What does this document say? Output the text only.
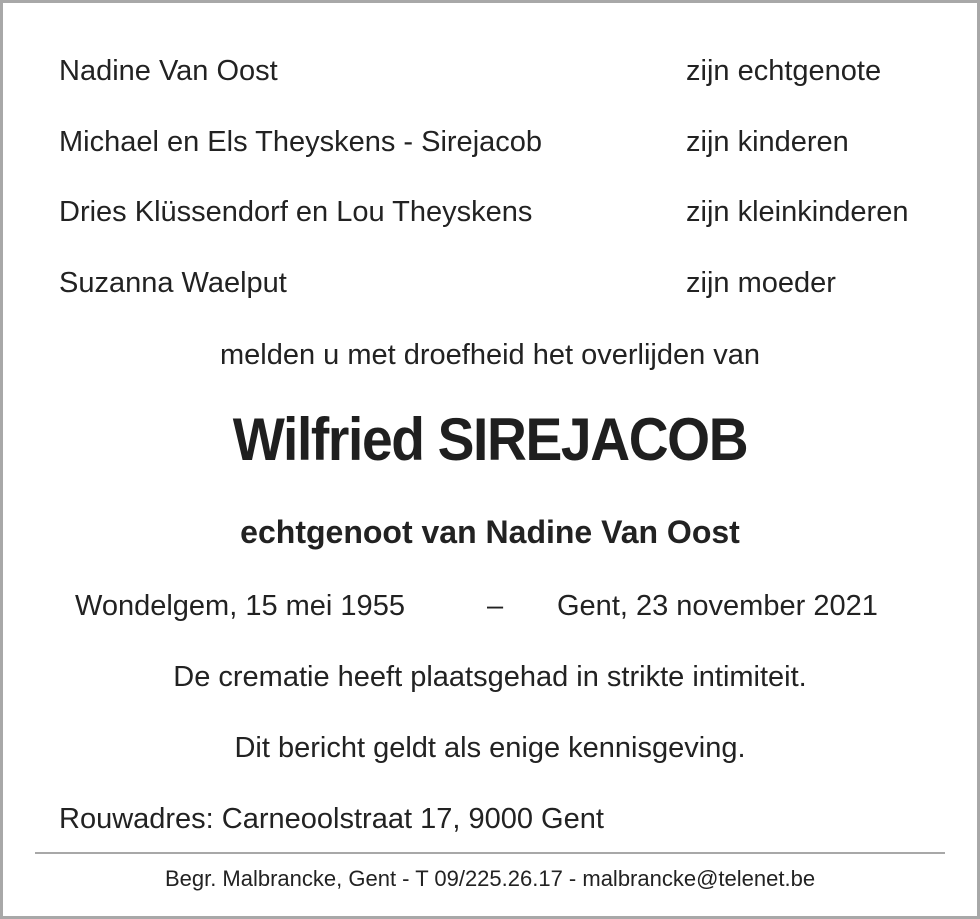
Nadine Van Oost	zijn echtgenote
Michael en Els Theyskens - Sirejacob	zijn kinderen
Dries Klüssendorf en Lou Theyskens	zijn kleinkinderen
Suzanna Waelput	zijn moeder
melden u met droefheid het overlijden van
Wilfried SIREJACOB
echtgenoot van Nadine Van Oost
Wondelgem, 15 mei 1955	– Gent, 23 november 2021
De crematie heeft plaatsgehad in strikte intimiteit.
Dit bericht geldt als enige kennisgeving.
Rouwadres: Carneoolstraat 17, 9000 Gent
Begr. Malbrancke, Gent - T 09/225.26.17 - malbrancke@telenet.be
